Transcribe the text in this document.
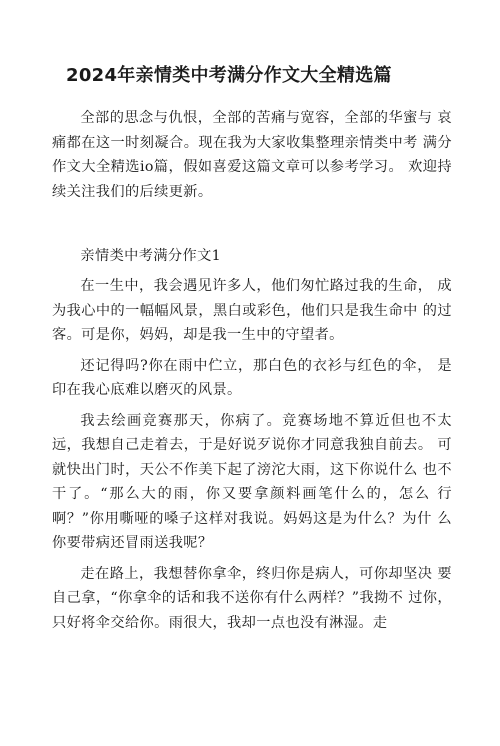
2024年亲情类中考满分作文大全精选篇

全部的思念与仇恨，全部的苦痛与宽容，全部的华蜜与 哀痛都在这一时刻凝合。现在我为大家收集整理亲情类中考 满分作文大全精选io篇，假如喜爱这篇文章可以参考学习。 欢迎持续关注我们的后续更新。

亲情类中考满分作文1

在一生中，我会遇见许多人，他们匆忙路过我的生命， 成为我心中的一幅幅风景，黑白或彩色，他们只是我生命中 的过客。可是你，妈妈，却是我一生中的守望者。

还记得吗?你在雨中伫立，那白色的衣衫与红色的伞， 是印在我心底难以磨灭的风景。

我去绘画竞赛那天，你病了。竞赛场地不算近但也不太 远，我想自己走着去，于是好说歹说你才同意我独自前去。 可就快出门时，天公不作美下起了滂沱大雨，这下你说什么 也不干了。“那么大的雨，你又要拿颜料画笔什么的，怎么 行啊？”你用嘶哑的嗓子这样对我说。妈妈这是为什么？为什 么你要带病还冒雨送我呢？

走在路上，我想替你拿伞，终归你是病人，可你却坚决 要自己拿，“你拿伞的话和我不送你有什么两样？”我拗不 过你，只好将伞交给你。雨很大，我却一点也没有淋湿。走
